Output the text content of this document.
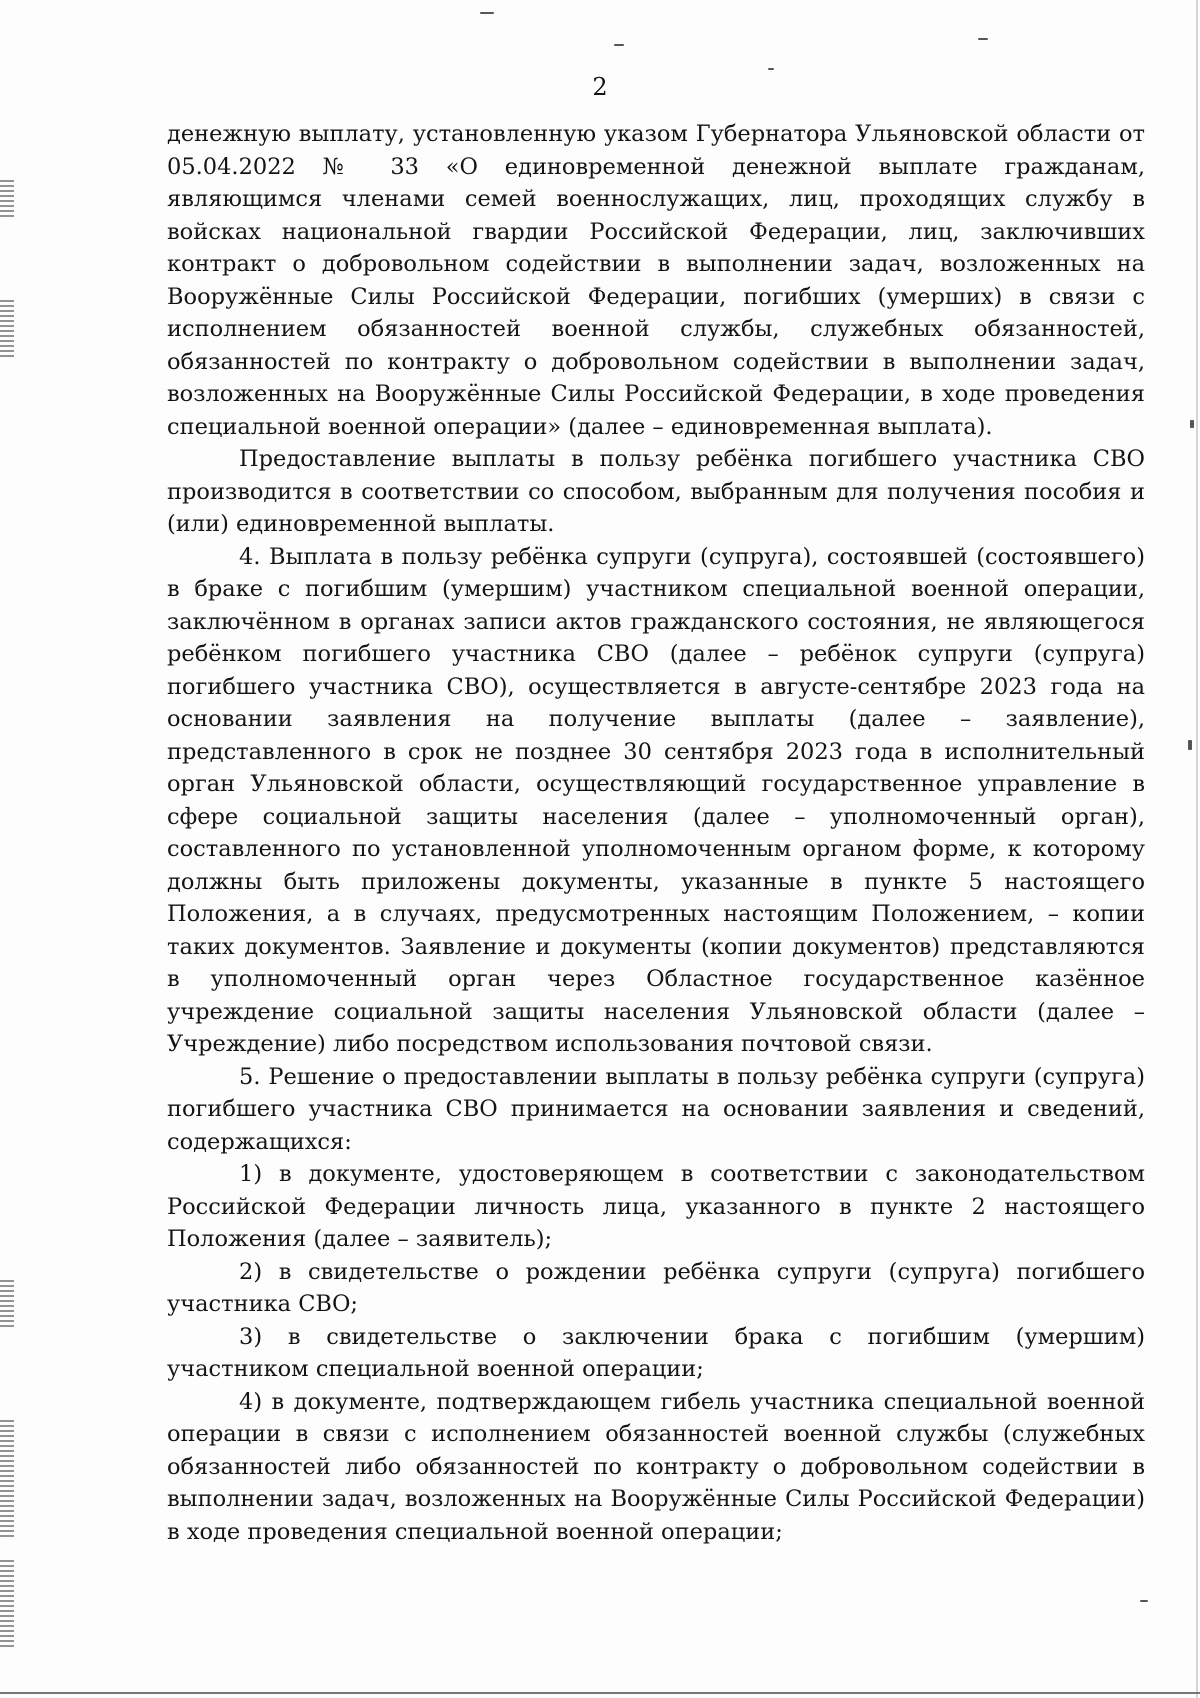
2

денежную выплату, установленную указом Губернатора Ульяновской области от 05.04.2022 № 33 «О единовременной денежной выплате гражданам, являющимся членами семей военнослужащих, лиц, проходящих службу в войсках национальной гвардии Российской Федерации, лиц, заключивших контракт о добровольном содействии в выполнении задач, возложенных на Вооружённые Силы Российской Федерации, погибших (умерших) в связи с исполнением обязанностей военной службы, служебных обязанностей, обязанностей по контракту о добровольном содействии в выполнении задач, возложенных на Вооружённые Силы Российской Федерации, в ходе проведения специальной военной операции» (далее – единовременная выплата).

Предоставление выплаты в пользу ребёнка погибшего участника СВО производится в соответствии со способом, выбранным для получения пособия и (или) единовременной выплаты.

4. Выплата в пользу ребёнка супруги (супруга), состоявшей (состоявшего) в браке с погибшим (умершим) участником специальной военной операции, заключённом в органах записи актов гражданского состояния, не являющегося ребёнком погибшего участника СВО (далее – ребёнок супруги (супруга) погибшего участника СВО), осуществляется в августе-сентябре 2023 года на основании заявления на получение выплаты (далее – заявление), представленного в срок не позднее 30 сентября 2023 года в исполнительный орган Ульяновской области, осуществляющий государственное управление в сфере социальной защиты населения (далее – уполномоченный орган), составленного по установленной уполномоченным органом форме, к которому должны быть приложены документы, указанные в пункте 5 настоящего Положения, а в случаях, предусмотренных настоящим Положением, – копии таких документов. Заявление и документы (копии документов) представляются в уполномоченный орган через Областное государственное казённое учреждение социальной защиты населения Ульяновской области (далее – Учреждение) либо посредством использования почтовой связи.

5. Решение о предоставлении выплаты в пользу ребёнка супруги (супруга) погибшего участника СВО принимается на основании заявления и сведений, содержащихся:

1) в документе, удостоверяющем в соответствии с законодательством Российской Федерации личность лица, указанного в пункте 2 настоящего Положения (далее – заявитель);

2) в свидетельстве о рождении ребёнка супруги (супруга) погибшего участника СВО;

3) в свидетельстве о заключении брака с погибшим (умершим) участником специальной военной операции;

4) в документе, подтверждающем гибель участника специальной военной операции в связи с исполнением обязанностей военной службы (служебных обязанностей либо обязанностей по контракту о добровольном содействии в выполнении задач, возложенных на Вооружённые Силы Российской Федерации) в ходе проведения специальной военной операции;
